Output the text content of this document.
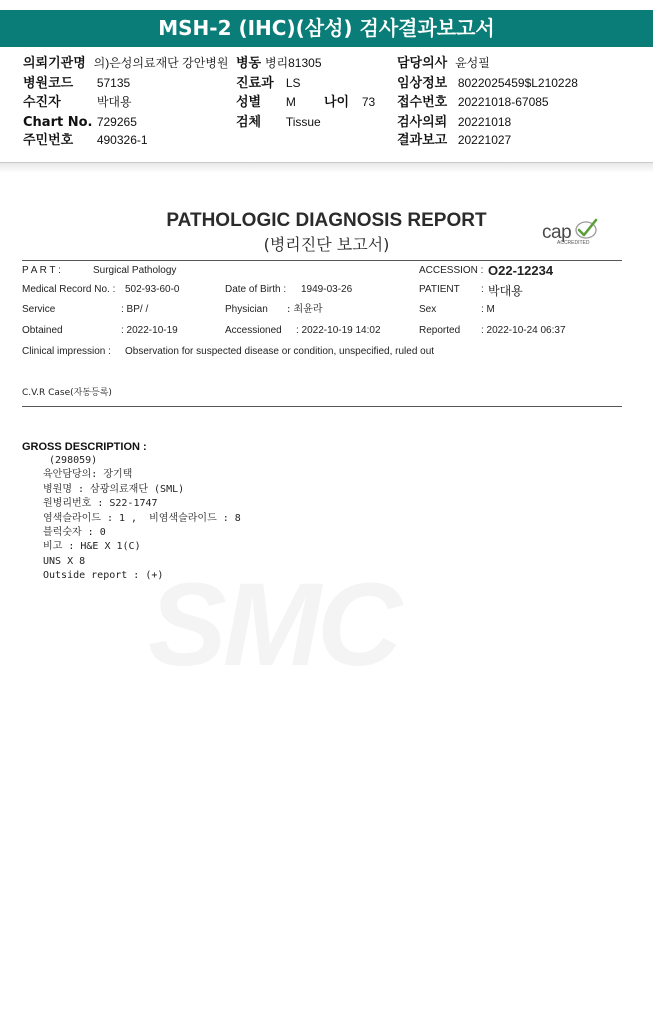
MSH-2 (IHC)(삼성) 검사결과보고서
의뢰기관명 의)은성의료재단 강안병원 병동 병리81305	담당의사 윤성필
병원코드 57135	진료과 LS	임상정보 8022025459$L210228
수진자	박대용	성별 M 나이 73 접수번호 20221018-67085
Chart No. 729265	검체 Tissue	검사의뢰 20221018
주민번호 490326-1	결과보고 20221027
PATHOLOGIC DIAGNOSIS REPORT
(병리진단 보고서)
cap
ACCREDITED
P A R T :	Surgical Pathology	ACCESSION : O22-12234
Medical Record No. : 502-93-60-0	Date of Birth : 1949-03-26	PATIENT : 박대용
Service	: BP/ /	Physician : 최윤라	Sex	: M
Obtained	: 2022-10-19	Accessioned : 2022-10-19 14:02	Reported : 2022-10-24 06:37
Clinical impression : Observation for suspected disease or condition, unspecified, ruled out
C.V.R Case(자동등록)
SMC
GROSS DESCRIPTION :
(298059)
육안담당의: 장기택
병원명 : 삼광의료재단 (SML)
원병리번호 : S22-1747
염색슬라이드 : 1 ,  비염색슬라이드 : 8
블럭숫자 : 0
비고 : H&E X 1(C)
UNS X 8
Outside report : (+)
